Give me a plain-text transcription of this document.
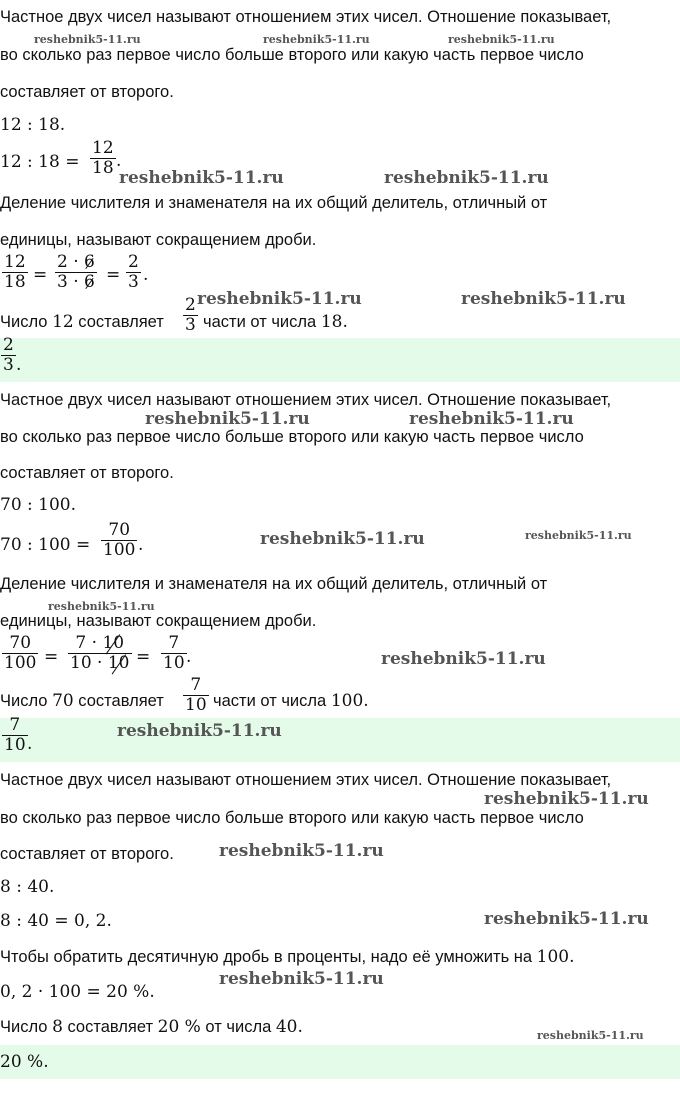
Частное двух чисел называют отношением этих чисел. Отношение показывает,
во сколько раз первое число больше второго или какую часть первое число
составляет от второго.
12 : 18.
12 : 18 =
12
18 .
Деление числителя и знаменателя на их общий делитель, отличный от
единицы, называют сокращением дроби.
12
18 =
2 · 6
3 · 6 =
2
3 .
Число 12 составляет
2
3 части от числа 18.
2
3 .
Частное двух чисел называют отношением этих чисел. Отношение показывает,
во сколько раз первое число больше второго или какую часть первое число
составляет от второго.
70 : 100.
70 : 100 =
70
100 .
Деление числителя и знаменателя на их общий делитель, отличный от
единицы, называют сокращением дроби.
70
100 =
7 · 10
10 · 10 =
7
10 .
Число 70 составляет
7
10 части от числа 100.
7
10 .
Частное двух чисел называют отношением этих чисел. Отношение показывает,
во сколько раз первое число больше второго или какую часть первое число
составляет от второго.
8 : 40.
8 : 40 = 0, 2.
Чтобы обратить десятичную дробь в проценты, надо её умножить на 100.
0, 2 · 100 = 20 %.
Число 8 составляет 20 % от числа 40.
20 %.
reshebnik5-11.ru	reshebnik5-11.ru	reshebnik5-11.ru
reshebnik5-11.ru	reshebnik5-11.ru
reshebnik5-11.ru	reshebnik5-11.ru
reshebnik5-11.ru	reshebnik5-11.ru
reshebnik5-11.ru	reshebnik5-11.ru
reshebnik5-11.ru
reshebnik5-11.ru
reshebnik5-11.ru
reshebnik5-11.ru
reshebnik5-11.ru
reshebnik5-11.ru
reshebnik5-11.ru
reshebnik5-11.ru
